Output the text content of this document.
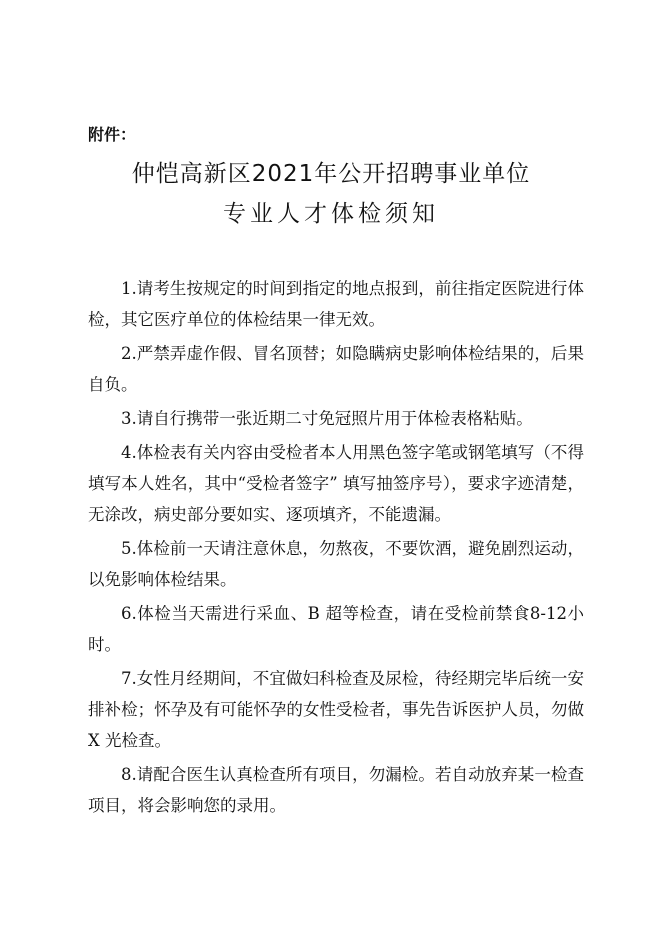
附件：
仲恺高新区2021年公开招聘事业单位
专业人才体检须知

1.请考生按规定的时间到指定的地点报到，前往指定医院进行体检，其它医疗单位的体检结果一律无效。

2.严禁弄虚作假、冒名顶替；如隐瞒病史影响体检结果的，后果自负。

3.请自行携带一张近期二寸免冠照片用于体检表格粘贴。

4.体检表有关内容由受检者本人用黑色签字笔或钢笔填写（不得填写本人姓名，其中“受检者签字” 填写抽签序号），要求字迹清楚，无涂改，病史部分要如实、逐项填齐，不能遗漏。

5.体检前一天请注意休息，勿熬夜，不要饮酒，避免剧烈运动，以免影响体检结果。

6.体检当天需进行采血、B 超等检查，请在受检前禁食8-12小时。

7.女性月经期间，不宜做妇科检查及尿检，待经期完毕后统一安排补检；怀孕及有可能怀孕的女性受检者，事先告诉医护人员，勿做 X 光检查。

8.请配合医生认真检查所有项目，勿漏检。若自动放弃某一检查项目，将会影响您的录用。
